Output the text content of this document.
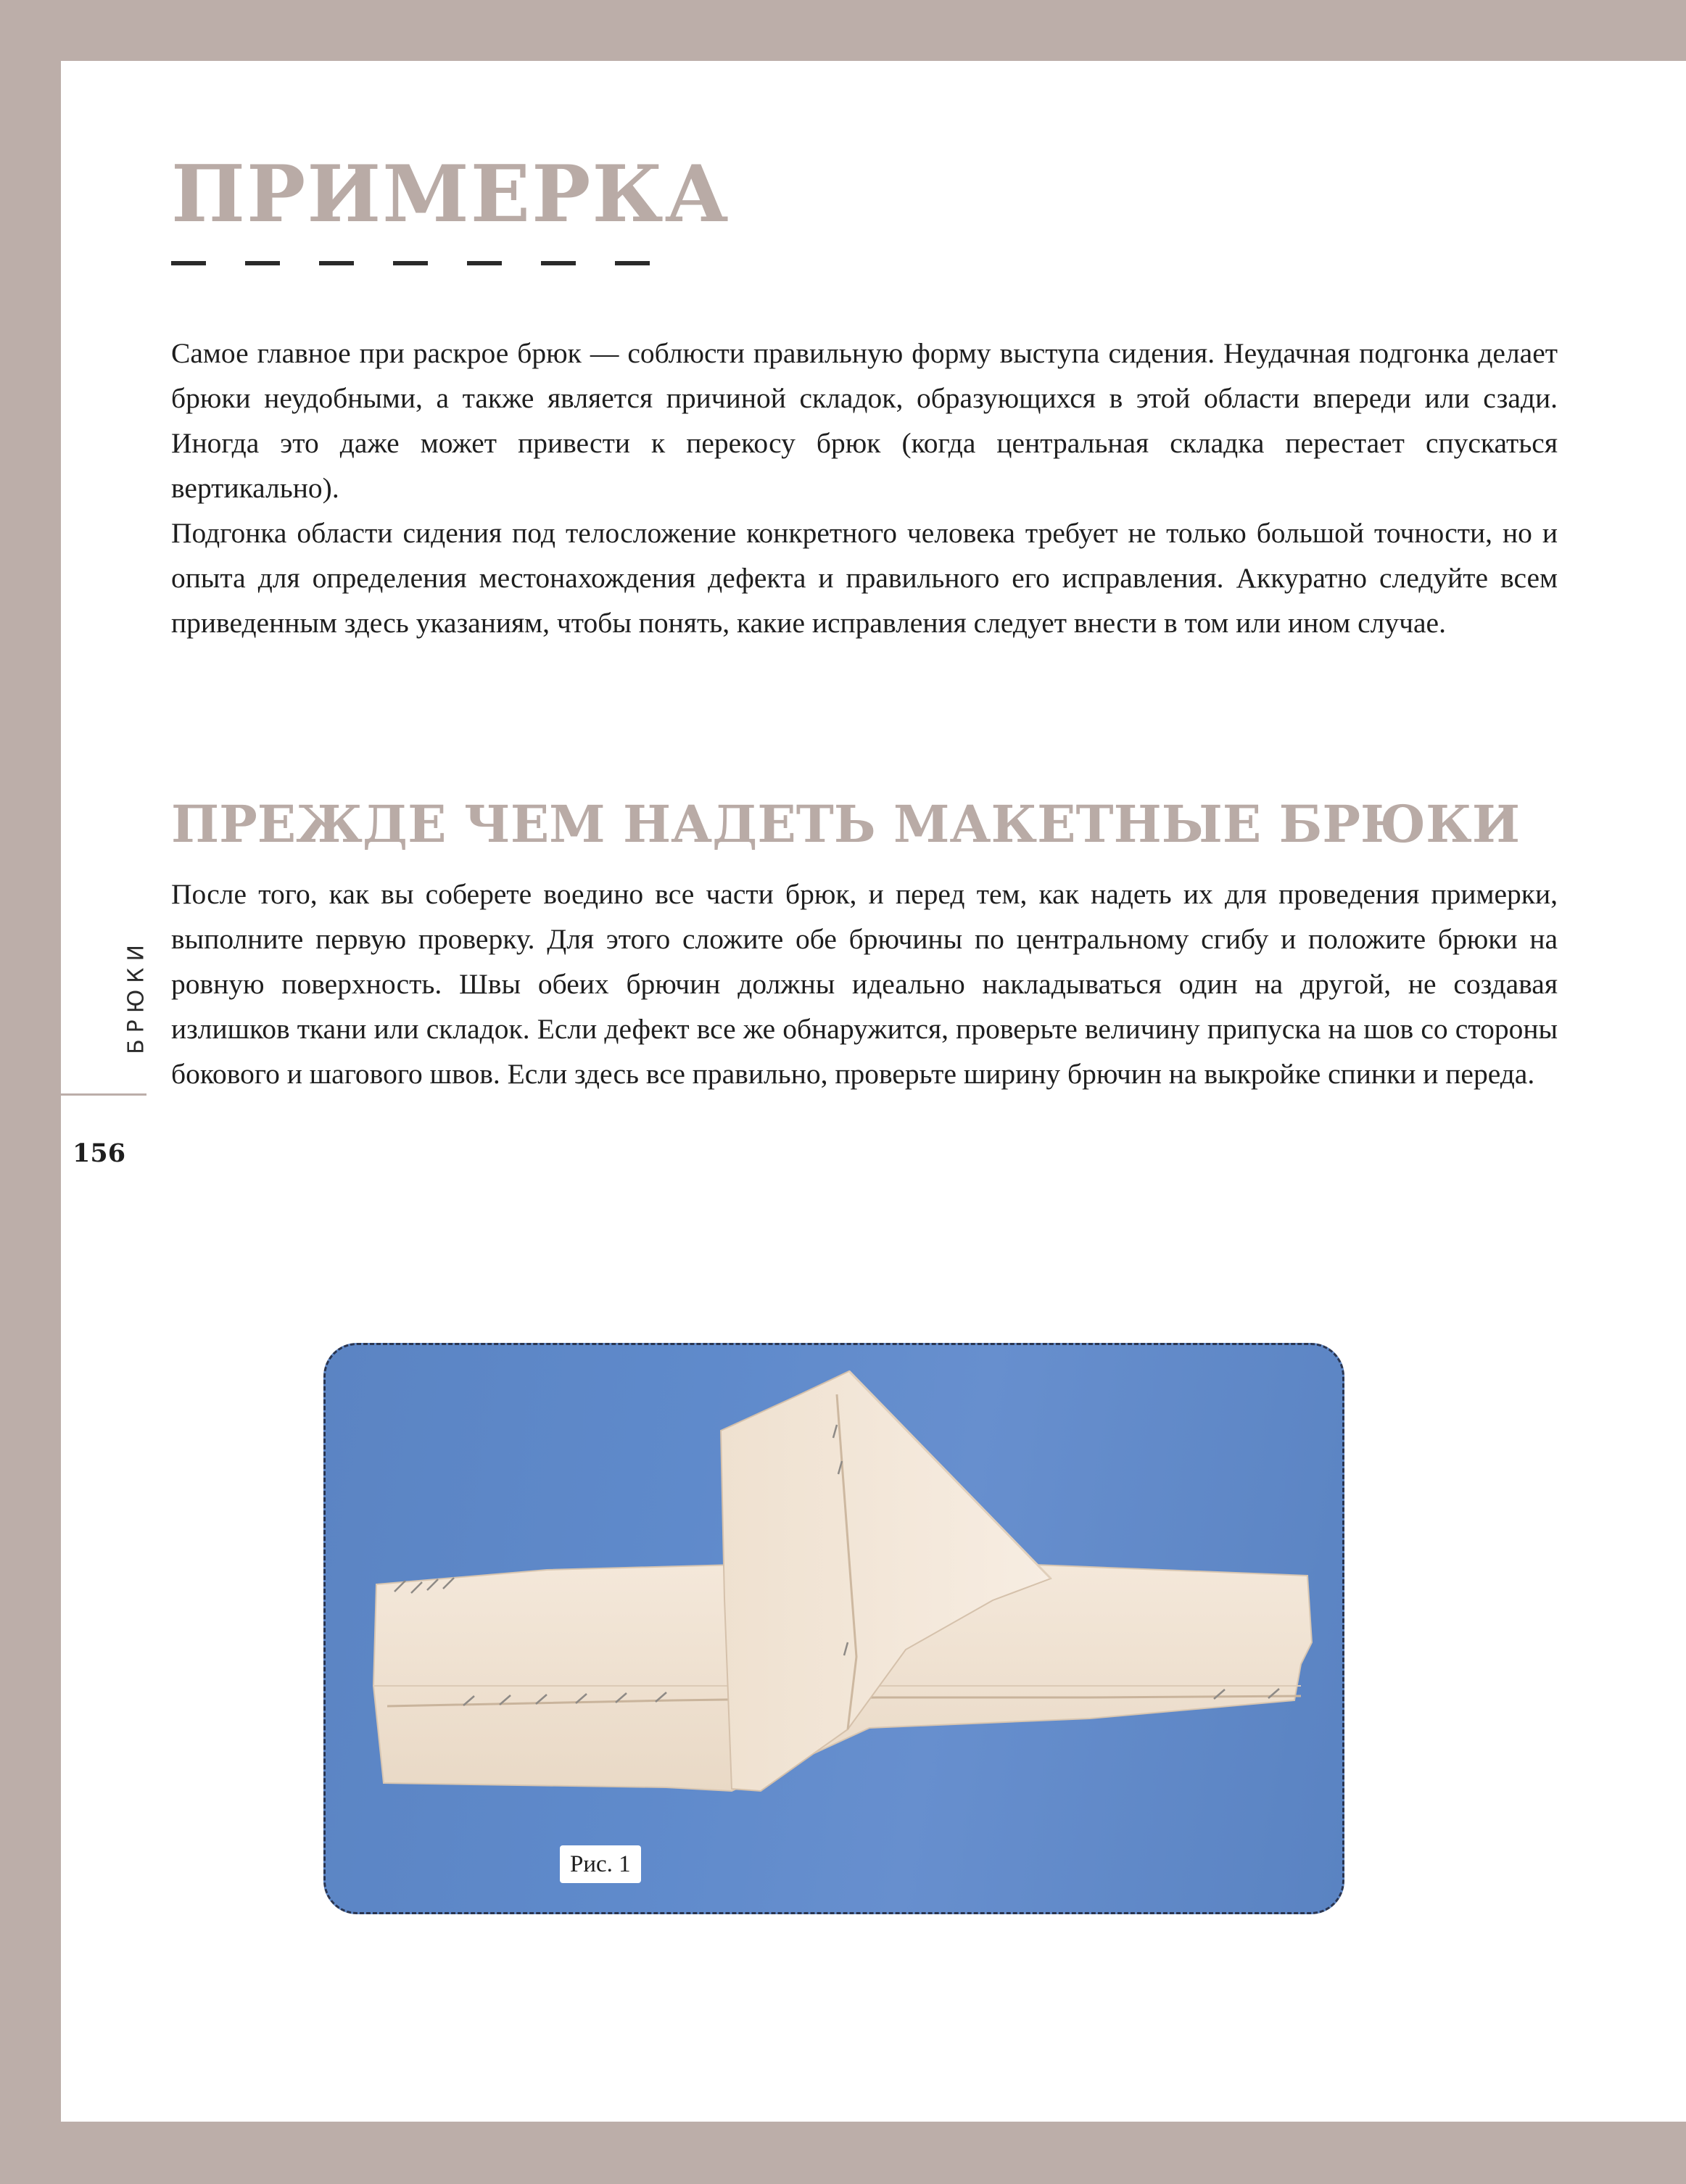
ПРИМЕРКА

Самое главное при раскрое брюк — соблюсти правильную форму выступа сидения. Неудачная подгонка делает брюки неудобными, а также является причиной складок, образующихся в этой области впереди или сзади. Иногда это даже может привести к перекосу брюк (когда центральная складка перестает спускаться вертикально).

Подгонка области сидения под телосложение конкретного человека требует не только большой точности, но и опыта для определения местонахождения дефекта и правильного его исправления. Аккуратно следуйте всем приведенным здесь указаниям, чтобы понять, какие исправления следует внести в том или ином случае.

ПРЕЖДЕ ЧЕМ НАДЕТЬ МАКЕТНЫЕ БРЮКИ

После того, как вы соберете воедино все части брюк, и перед тем, как надеть их для проведения примерки, выполните первую проверку. Для этого сложите обе брючины по центральному сгибу и положите брюки на ровную поверхность. Швы обеих брючин должны идеально накладываться один на другой, не создавая излишков ткани или складок. Если дефект все же обнаружится, проверьте величину припуска на шов со стороны бокового и шагового швов. Если здесь все правильно, проверьте ширину брючин на выкройке спинки и переда.

БРЮКИ
156
Рис. 1
